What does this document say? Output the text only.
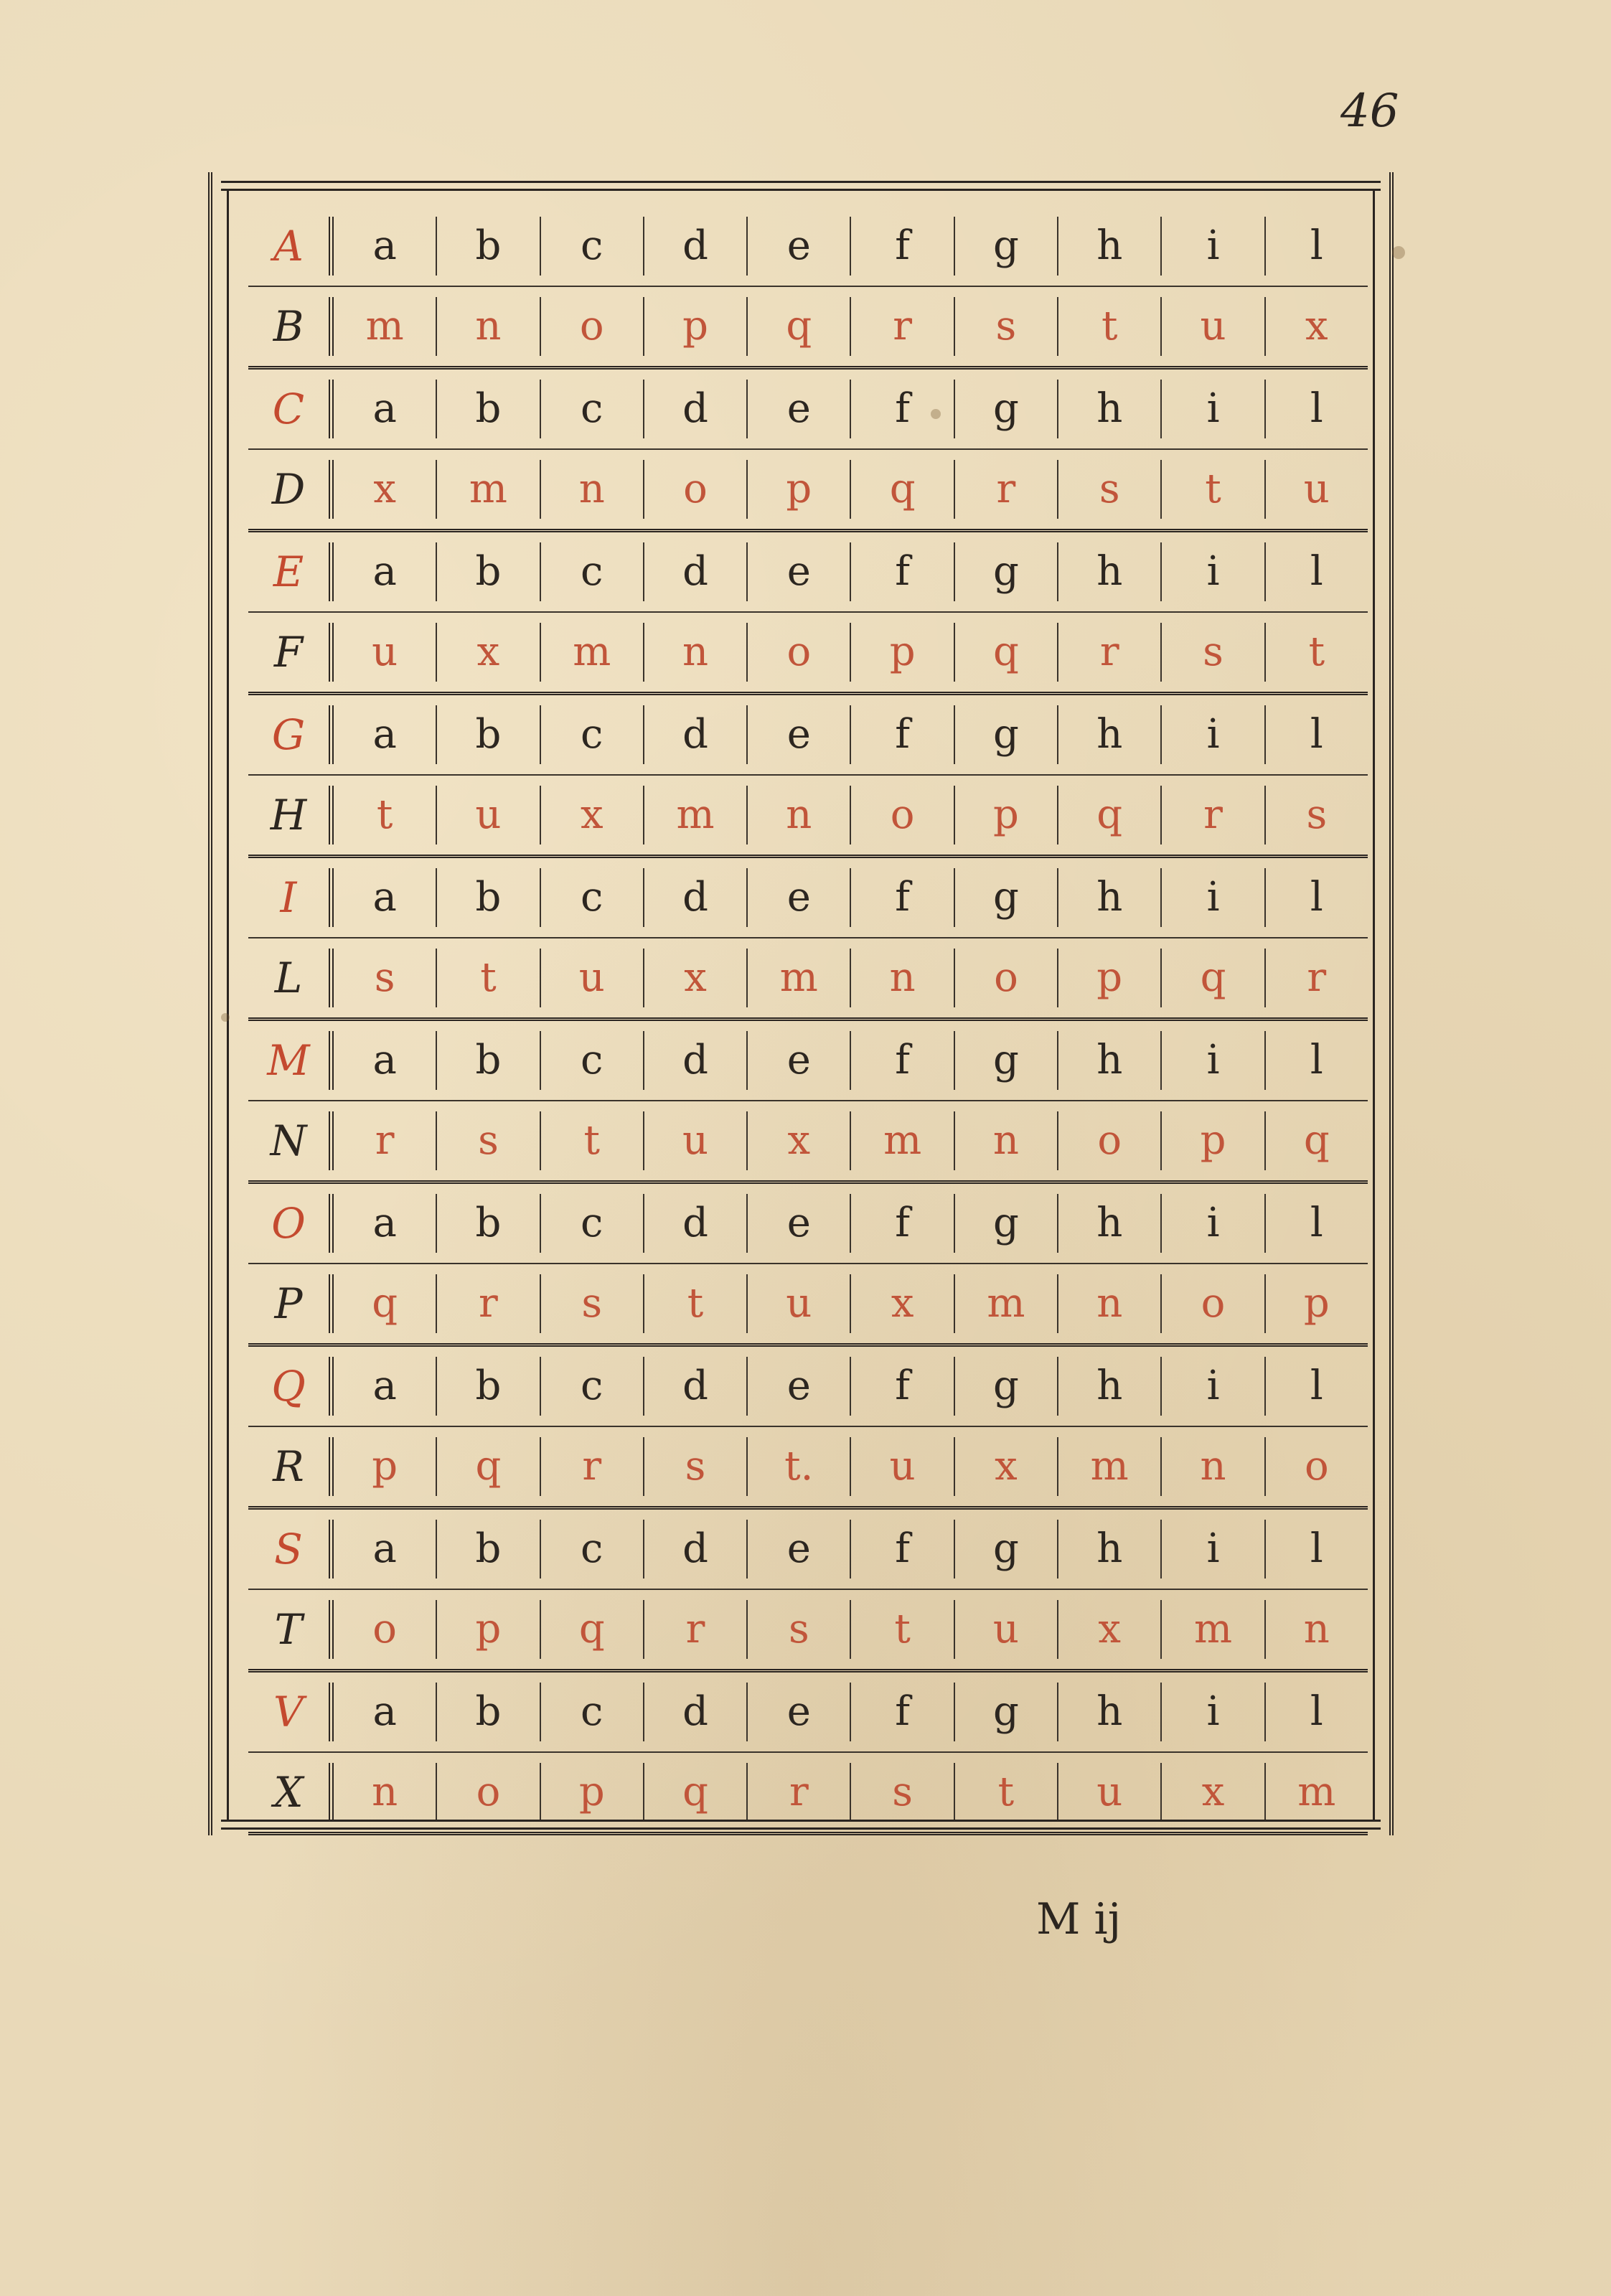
46
A	a	b	c	d	e	f	g	h	i	l
B	m	n	o	p	q	r	s	t	u	x
C	a	b	c	d	e	f	g	h	i	l
D	x	m	n	o	p	q	r	s	t	u
E	a	b	c	d	e	f	g	h	i	l
F	u	x	m	n	o	p	q	r	s	t
G	a	b	c	d	e	f	g	h	i	l
H	t	u	x	m	n	o	p	q	r	s
I	a	b	c	d	e	f	g	h	i	l
L	s	t	u	x	m	n	o	p	q	r
M	a	b	c	d	e	f	g	h	i	l
N	r	s	t	u	x	m	n	o	p	q
O	a	b	c	d	e	f	g	h	i	l
P	q	r	s	t	u	x	m	n	o	p
Q	a	b	c	d	e	f	g	h	i	l
R	p	q	r	s	t.	u	x	m	n	o
S	a	b	c	d	e	f	g	h	i	l
T	o	p	q	r	s	t	u	x	m	n
V	a	b	c	d	e	f	g	h	i	l
X	n	o	p	q	r	s	t	u	x	m
M ij
